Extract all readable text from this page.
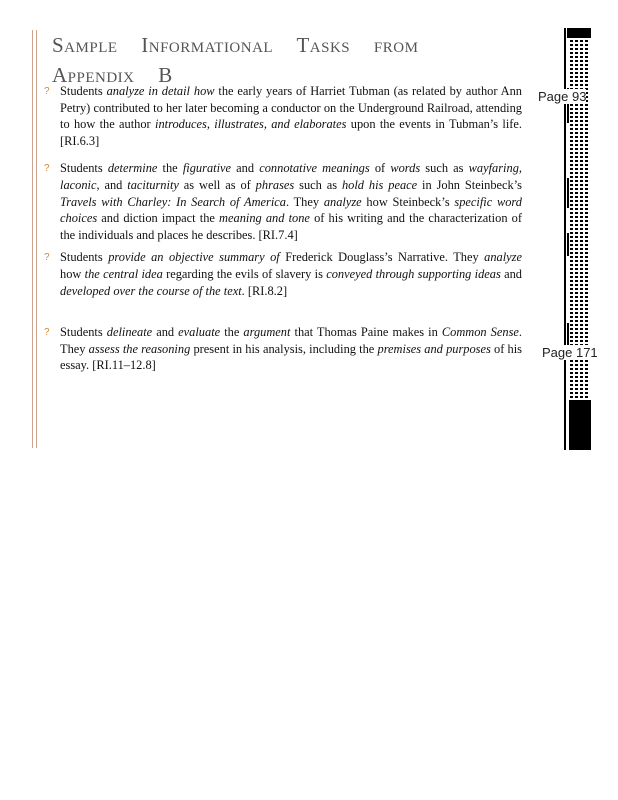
Sample Informational Tasks from Appendix B
? Students analyze in detail how the early years of Harriet Tubman (as related by author Ann Petry) contributed to her later becoming a conductor on the Underground Railroad, attending to how the author introduces, illustrates, and elaborates upon the events in Tubman’s life. [RI.6.3]
? Students determine the figurative and connotative meanings of words such as wayfaring, laconic, and taciturnity as well as of phrases such as hold his peace in John Steinbeck’s Travels with Charley: In Search of America. They analyze how Steinbeck’s specific word choices and diction impact the meaning and tone of his writing and the characterization of the individuals and places he describes. [RI.7.4]
? Students provide an objective summary of Frederick Douglass’s Narrative. They analyze how the central idea regarding the evils of slavery is conveyed through supporting ideas and developed over the course of the text. [RI.8.2]
? Students delineate and evaluate the argument that Thomas Paine makes in Common Sense. They assess the reasoning present in his analysis, including the premises and purposes of his essay. [RI.11–12.8]
Page 93
Page 171
